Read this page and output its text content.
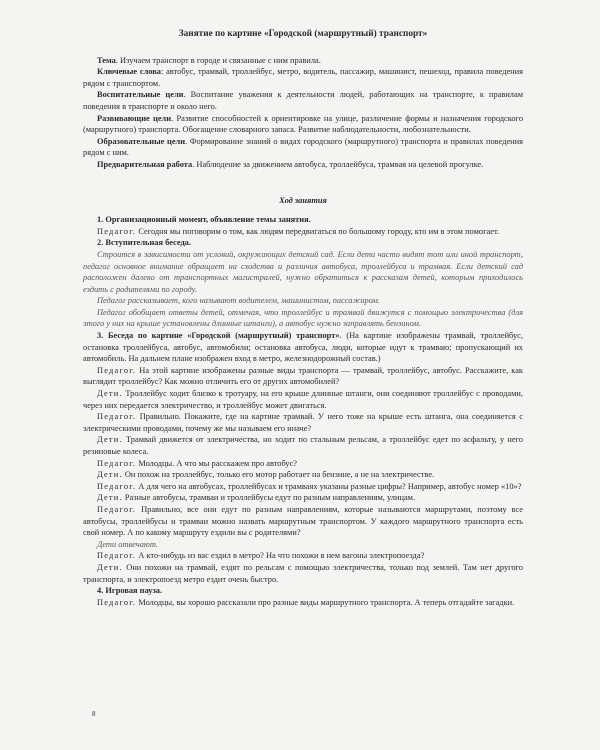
Занятие по картине «Городской (маршрутный) транспорт»

Тема. Изучаем транспорт в городе и связанные с ним правила.

Ключевые слова: автобус, трамвай, троллейбус, метро, водитель, пассажир, машинист, пешеход, правила поведения рядом с транспортом.

Воспитательные цели. Воспитание уважения к деятельности людей, работающих на транспорте, к правилам поведения в транспорте и около него.

Развивающие цели. Развитие способностей к ориентировке на улице, различение формы и назначения городского (маршрутного) транспорта. Обогащение словарного запаса. Развитие наблюдательности, любознательности.

Образовательные цели. Формирование знаний о видах городского (маршрутного) транспорта и правилах поведения рядом с ним.

Предварительная работа. Наблюдение за движением автобуса, троллейбуса, трамвая на целевой прогулке.

Ход занятия

1. Организационный момент, объявление темы занятия.

Педагог. Сегодня мы поговорим о том, как людям передвигаться по большому городу, кто им в этом помогает.

2. Вступительная беседа.

Строится в зависимости от условий, окружающих детский сад. Если дети часто видят тот или иной транспорт, педагог основное внимание обращает на сходства и различия автобуса, троллейбуса и трамвая. Если детский сад расположен далеко от транспортных магистралей, нужно обратиться к рассказам детей, которым приходилось ездить с родителями по городу.

Педагог рассказывает, кого называют водителем, машинистом, пассажиром.

Педагог обобщает ответы детей, отмечая, что троллейбус и трамвай движутся с помощью электричества (для этого у них на крыше установлены длинные штанги), а автобус нужно заправлять бензином.

3. Беседа по картине «Городской (маршрутный) транспорт». (На картине изображены трамвай, троллейбус, остановка троллейбуса, автобус, автомобили; остановка автобуса, люди, которые идут к трамваю; пропускающий их автомобиль. На дальнем плане изображен вход в метро, железнодорожный состав.)

Педагог. На этой картине изображены разные виды транспорта — трамвай, троллейбус, автобус. Расскажите, как выглядит троллейбус? Как можно отличить его от других автомобилей?

Дети. Троллейбус ходит близко к тротуару, на его крыше длинные штанги, они соединяют троллейбус с проводами, через них передается электричество, и троллейбус может двигаться.

Педагог. Правильно. Покажите, где на картине трамвай. У него тоже на крыше есть штанга, она соединяется с электрическими проводами, почему же мы называем его иначе?

Дети. Трамвай движется от электричества, но ходит по стальным рельсам, а троллейбус едет по асфальту, у него резиновые колеса.

Педагог. Молодцы. А что мы расскажем про автобус?

Дети. Он похож на троллейбус, только его мотор работает на бензине, а не на электричестве.

Педагог. А для чего на автобусах, троллейбусах и трамваях указаны разные цифры? Например, автобус номер «10»?

Дети. Разные автобусы, трамваи и троллейбусы едут по разным направлениям, улицам.

Педагог. Правильно, все они едут по разным направлениям, которые называются маршрутами, поэтому все автобусы, троллейбусы и трамваи можно назвать маршрутным транспортом. У каждого маршрутного транспорта есть свой номер. А по какому маршруту ездили вы с родителями?

Дети отвечают.

Педагог. А кто-нибудь из вас ездил в метро? На что похожи в нем вагоны электропоезда?

Дети. Они похожи на трамвай, ездят по рельсам с помощью электричества, только под землей. Там нет другого транспорта, и электропоезд метро ездит очень быстро.

4. Игровая пауза.

Педагог. Молодцы, вы хорошо рассказали про разные виды маршрутного транспорта. А теперь отгадайте загадки.

8
